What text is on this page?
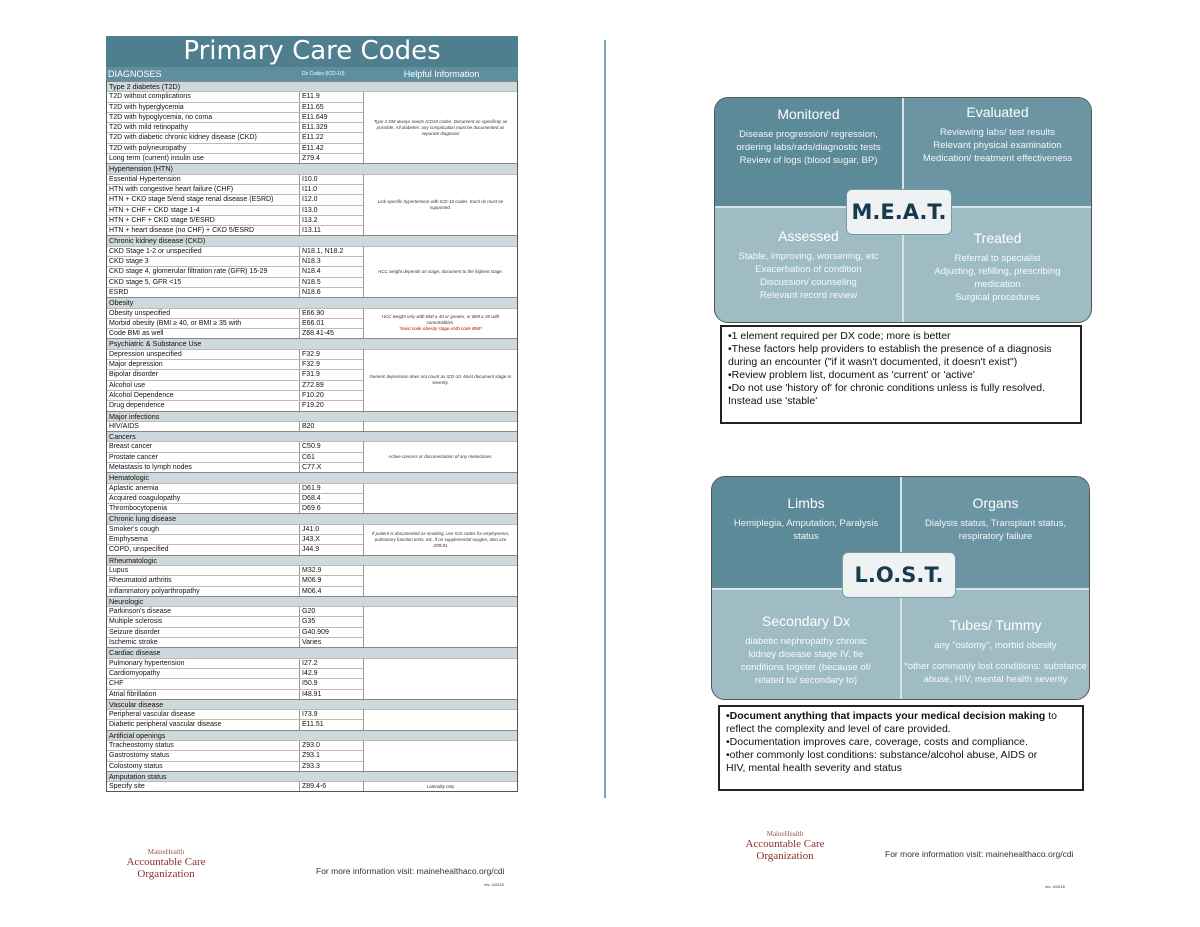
Primary Care Codes
DIAGNOSES	Dx Codes (ICD-10)	Helpful Information
Type 2 diabetes (T2D)
T2D without complications	E11.9
T2D with hyperglycemia	E11.65
T2D with hypoglycemia, no coma	E11.649
T2D with mild retinopathy	E11.329
T2D with diabetic chronic kidney disease (CKD)	E11.22
T2D with polyneuropathy	E11.42
Long term (current) insulin use	Z79.4
Type 2 DM always needs ICD10 codes. Document on specificity as possible. All diabetes: any complication must be documented as separate diagnosis
Hypertension (HTN)
Essential Hypertension	I10.0
HTN with congestive heart failure (CHF)	I11.0
HTN + CKD stage 5/end stage renal disease (ESRD)	I12.0
HTN + CHF + CKD stage 1-4	I13.0
HTN + CHF + CKD stage 5/ESRD	I13.2
HTN + heart disease (no CHF) + CKD 5/ESRD	I13.11
Link specific hypertension with ICD-10 codes. Each dx must be supported.
Chronic kidney disease (CKD)
CKD Stage 1-2 or unspecified	N18.1, N18.2
CKD stage 3	N18.3
CKD stage 4, glomerular filtration rate (GFR) 15-29	N18.4
CKD stage 5, GFR <15	N18.5
ESRD	N18.6
HCC weight depends on stage; document to the highest stage.
Obesity
Obesity unspecified	E66.90
Morbid obesity (BMI ≥ 40, or BMI ≥ 35 with	E66.01
Code BMI as well	Z68.41-45
HCC weight only with BMI ≥ 40 or greater, or BMI ≥ 35 with comorbidities.
*must code obesity stage AND code BMI*
Psychiatric & Substance Use
Depression unspecified	F32.9
Major depression	F32.9
Bipolar disorder	F31.9
Alcohol use	Z72.89
Alcohol Dependence	F10.20
Drug dependence	F19.20
Generic depression does not count as ICD-10. Must document stage or severity.
Major infections
HIV/AIDS	B20
Cancers
Breast cancer	C50.9
Prostate cancer	C61
Metastasis to lymph nodes	C77.X
Active cancers or documentation of any metastases.
Hematologic
Aplastic anemia	D61.9
Acquired coagulopathy	D68.4
Thrombocytopenia	D69.6
Chronic lung disease
Smoker's cough	J41.0
Emphysema	J43.X
COPD, unspecified	J44.9
If patient is documented as smoking, use ICD codes for emphysema, pulmonary function tests, etc. If on supplemental oxygen, also use Z99.81
Rheumatologic
Lupus	M32.9
Rheumatoid arthritis	M06.9
Inflammatory polyarthropathy	M06.4
Neurologic
Parkinson's disease	G20
Multiple sclerosis	G35
Seizure disorder	G40.909
Ischemic stroke	Varies
Cardiac disease
Pulmonary hypertension	I27.2
Cardiomyopathy	I42.9
CHF	I50.9
Atrial fibrillation	I48.91
Vascular disease
Peripheral vascular disease	I73.9
Diabetic peripheral vascular disease	E11.51
Artificial openings
Tracheostomy status	Z93.0
Gastrostomy status	Z93.1
Colostomy status	Z93.3
Amputation status
Specify site	Z89.4-6	Laterality only
MaineHealth
Accountable Care Organization	For more information visit: mainehealthaco.org/cdi
rev. 4/2018
Monitored
Disease progression/ regression,
ordering labs/rads/diagnostic tests
Review of logs (blood sugar, BP)
Evaluated
Reviewing labs/ test results
Relevant physical examination
Medication/ treatment effectiveness
Assessed
Stable, improving, worsening, etc
Exacerbation of condition
Discussion/ counseling
Relevant record review
Treated
Referral to specialist
Adjusting, refilling, prescribing
medication
Surgical procedures
M.E.A.T.
•1 element required per DX code; more is better
•These factors help providers to establish the presence of a diagnosis
during an encounter ("if it wasn't documented, it doesn't exist")
•Review problem list, document as 'current' or 'active'
•Do not use 'history of' for chronic conditions unless is fully resolved.
Instead use 'stable'
Limbs
Hemiplegia, Amputation, Paralysis
status
Organs
Dialysis status, Transplant status,
respiratory failure
Secondary Dx
diabetic nephropathy chronic
kidney disease stage IV, tie
conditions togeter (because of/
related to/ secondary to)
Tubes/ Tummy
any "ostomy", morbid obesity
*other commonly lost conditions: substance
abuse, HIV, mental health severity
L.O.S.T.
•Document anything that impacts your medical decision making to
reflect the complexity and level of care provided.
•Documentation improves care, coverage, costs and compliance.
•other commonly lost conditions: substance/alcohol abuse, AIDS or
HIV, mental health severity and status
MaineHealth
Accountable Care Organization	For more information visit: mainehealthaco.org/cdi
rev. 4/2018
